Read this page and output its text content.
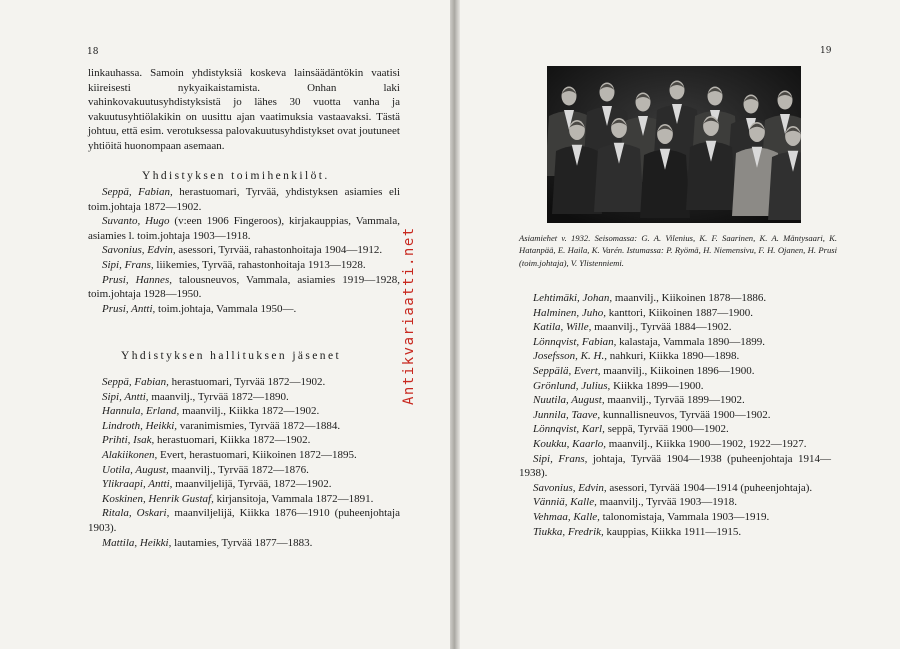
18	19

linkauhassa. Samoin yhdistyksiä koskeva lainsäädäntökin vaatisi kiireisesti nykyaikaistamista. Onhan laki vahinkovakuutusyhdistyksistä jo lähes 30 vuotta vanha ja vakuutusyhtiölakikin on uusittu ajan vaatimuksia vastaavaksi. Tästä johtuu, että esim. verotuksessa palovakuutusyhdistykset ovat joutuneet yhtiöitä huonompaan asemaan.

Yhdistyksen toimihenkilöt.
Seppä, Fabian, herastuomari, Tyrvää, yhdistyksen asiamies eli toim.johtaja 1872—1902.
Suvanto, Hugo (v:een 1906 Fingeroos), kirjakauppias, Vammala, asiamies l. toim.johtaja 1903—1918.
Savonius, Edvin, asessori, Tyrvää, rahastonhoitaja 1904—1912.
Sipi, Frans, liikemies, Tyrvää, rahastonhoitaja 1913—1928.
Prusi, Hannes, talousneuvos, Vammala, asiamies 1919—1928, toim.johtaja 1928—1950.
Prusi, Antti, toim.johtaja, Vammala 1950—.
Yhdistyksen hallituksen jäsenet
Seppä, Fabian, herastuomari, Tyrvää 1872—1902.
Sipi, Antti, maanvilj., Tyrvää 1872—1890.
Hannula, Erland, maanvilj., Kiikka 1872—1902.
Lindroth, Heikki, varanimismies, Tyrvää 1872—1884.
Prihti, Isak, herastuomari, Kiikka 1872—1902.
Alakiikonen, Evert, herastuomari, Kiikoinen 1872—1895.
Uotila, August, maanvilj., Tyrvää 1872—1876.
Ylikraapi, Antti, maanviljelijä, Tyrvää, 1872—1902.
Koskinen, Henrik Gustaf, kirjansitoja, Vammala 1872—1891.
Ritala, Oskari, maanviljelijä, Kiikka 1876—1910 (puheenjohtaja 1903).
Mattila, Heikki, lautamies, Tyrvää 1877—1883.
Asiamiehet v. 1932. Seisomassa: G. A. Vilenius, K. F. Saarinen, K. A. Mäntysaari, K. Hatanpää, E. Haila, K. Varén. Istumassa: P. Ryömä, H. Niemensivu, F. H. Ojanen, H. Prusi (toim.johtaja), V. Ylistenniemi.
Lehtimäki, Johan, maanvilj., Kiikoinen 1878—1886.
Halminen, Juho, kanttori, Kiikoinen 1887—1900.
Katila, Wille, maanvilj., Tyrvää 1884—1902.
Lönnqvist, Fabian, kalastaja, Vammala 1890—1899.
Josefsson, K. H., nahkuri, Kiikka 1890—1898.
Seppälä, Evert, maanvilj., Kiikoinen 1896—1900.
Grönlund, Julius, Kiikka 1899—1900.
Nuutila, August, maanvilj., Tyrvää 1899—1902.
Junnila, Taave, kunnallisneuvos, Tyrvää 1900—1902.
Lönnqvist, Karl, seppä, Tyrvää 1900—1902.
Koukku, Kaarlo, maanvilj., Kiikka 1900—1902, 1922—1927.
Sipi, Frans, johtaja, Tyrvää 1904—1938 (puheenjohtaja 1914—1938).
Savonius, Edvin, asessori, Tyrvää 1904—1914 (puheenjohtaja).
Vänniä, Kalle, maanvilj., Tyrvää 1903—1918.
Vehmaa, Kalle, talonomistaja, Vammala 1903—1919.
Tiukka, Fredrik, kauppias, Kiikka 1911—1915.
Antikvariaatti.net
